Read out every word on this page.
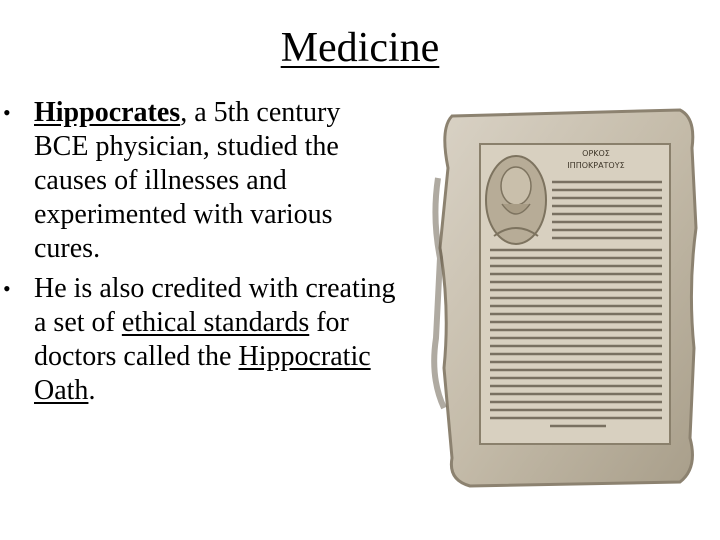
Medicine
• Hippocrates, a 5th century BCE physician, studied the causes of illnesses and experimented with various cures.
• He is also credited with creating a set of ethical standards for doctors called the Hippocratic Oath.
ΟΡΚΟΣ
ΙΠΠΟΚΡΑΤΟΥΣ
